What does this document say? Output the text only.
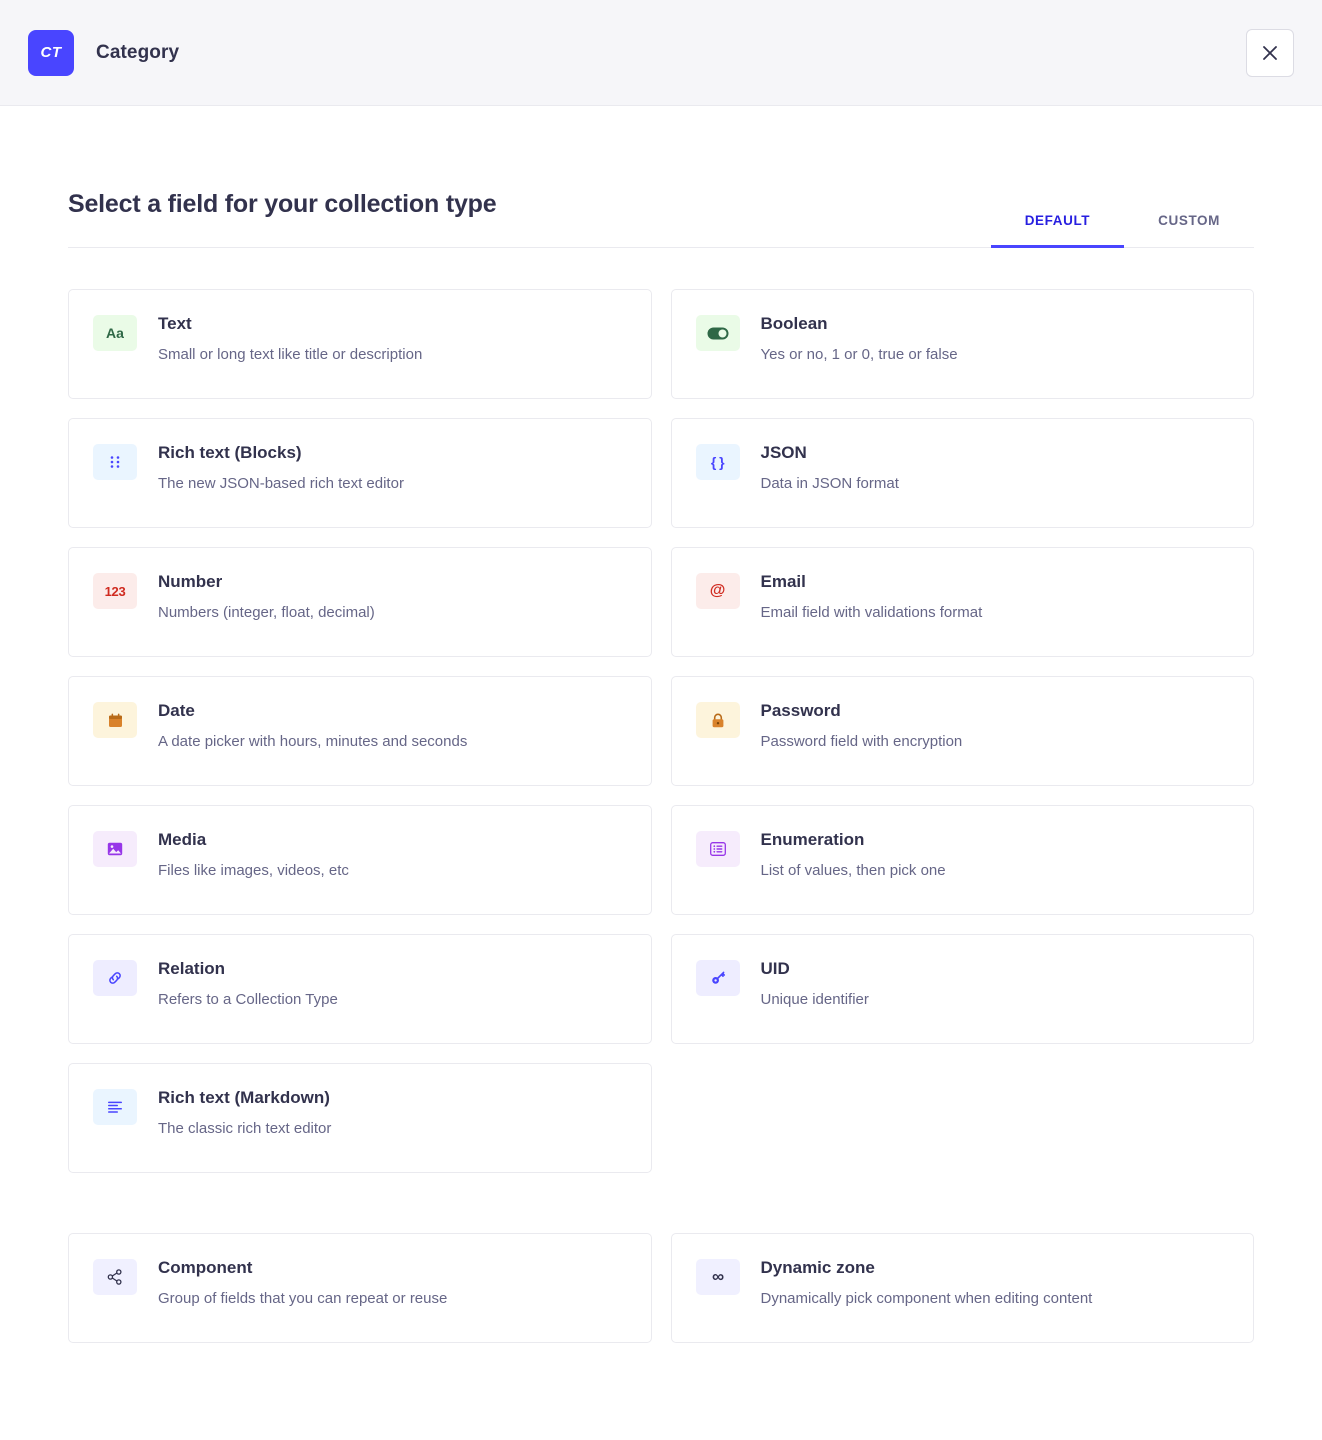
CT	Category
Select a field for your collection type
DEFAULT	CUSTOM
Aa Text
Small or long text like title or description
Boolean
Yes or no, 1 or 0, true or false
Rich text (Blocks)
The new JSON-based rich text editor
{ } JSON
Data in JSON format
123 Number
Numbers (integer, float, decimal)
@ Email
Email field with validations format
Date
A date picker with hours, minutes and seconds
Password
Password field with encryption
Media
Files like images, videos, etc
Enumeration
List of values, then pick one
Relation
Refers to a Collection Type
UID
Unique identifier
Rich text (Markdown)
The classic rich text editor
Component
Group of fields that you can repeat or reuse
∞ Dynamic zone
Dynamically pick component when editing content
